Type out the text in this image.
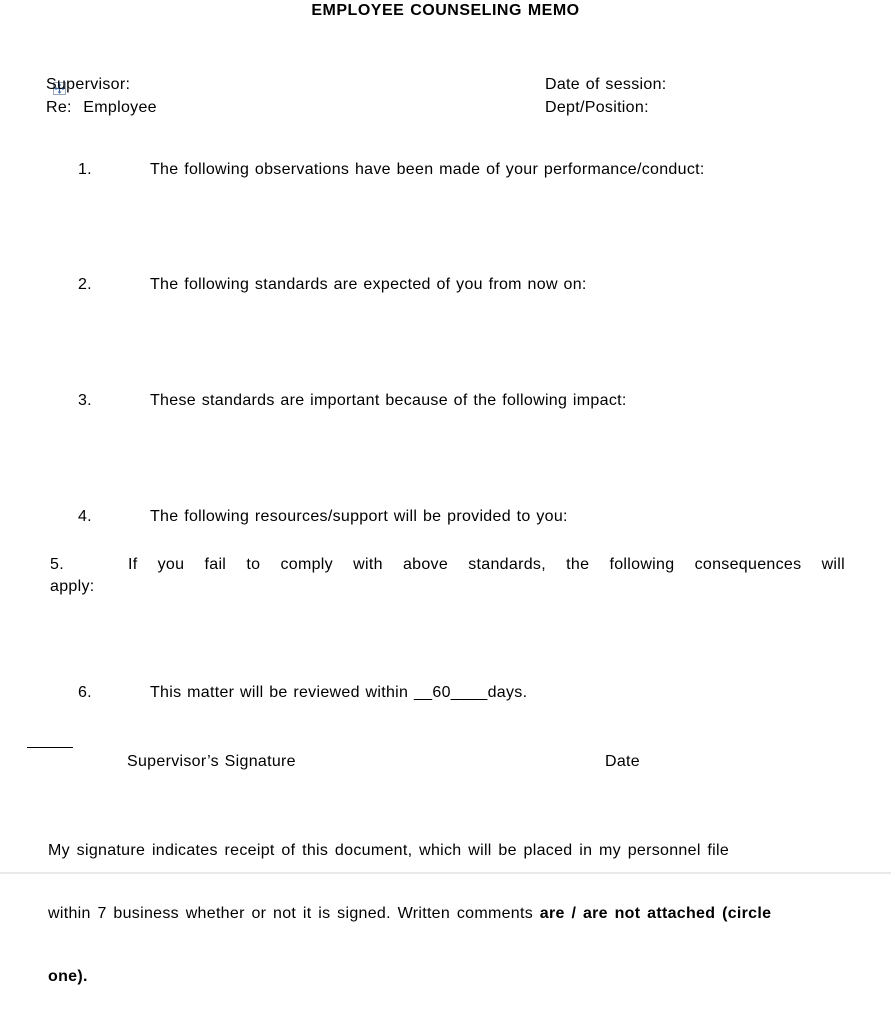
EMPLOYEE COUNSELING MEMO

Supervisor:	Date of session:
Re:  Employee	Dept/Position:

1.	The following observations have been made of your performance/conduct:

2.	The following standards are expected of you from now on:

3.	These standards are important because of the following impact:

4.	The following resources/support will be provided to you:

5.	If you fail to comply with above standards, the following consequences will
apply:

6.	This matter will be reviewed within __60____days.

Supervisor’s Signature	Date

My signature indicates receipt of this document, which will be placed in my personnel file

within 7 business whether or not it is signed. Written comments are / are not attached (circle

one).
